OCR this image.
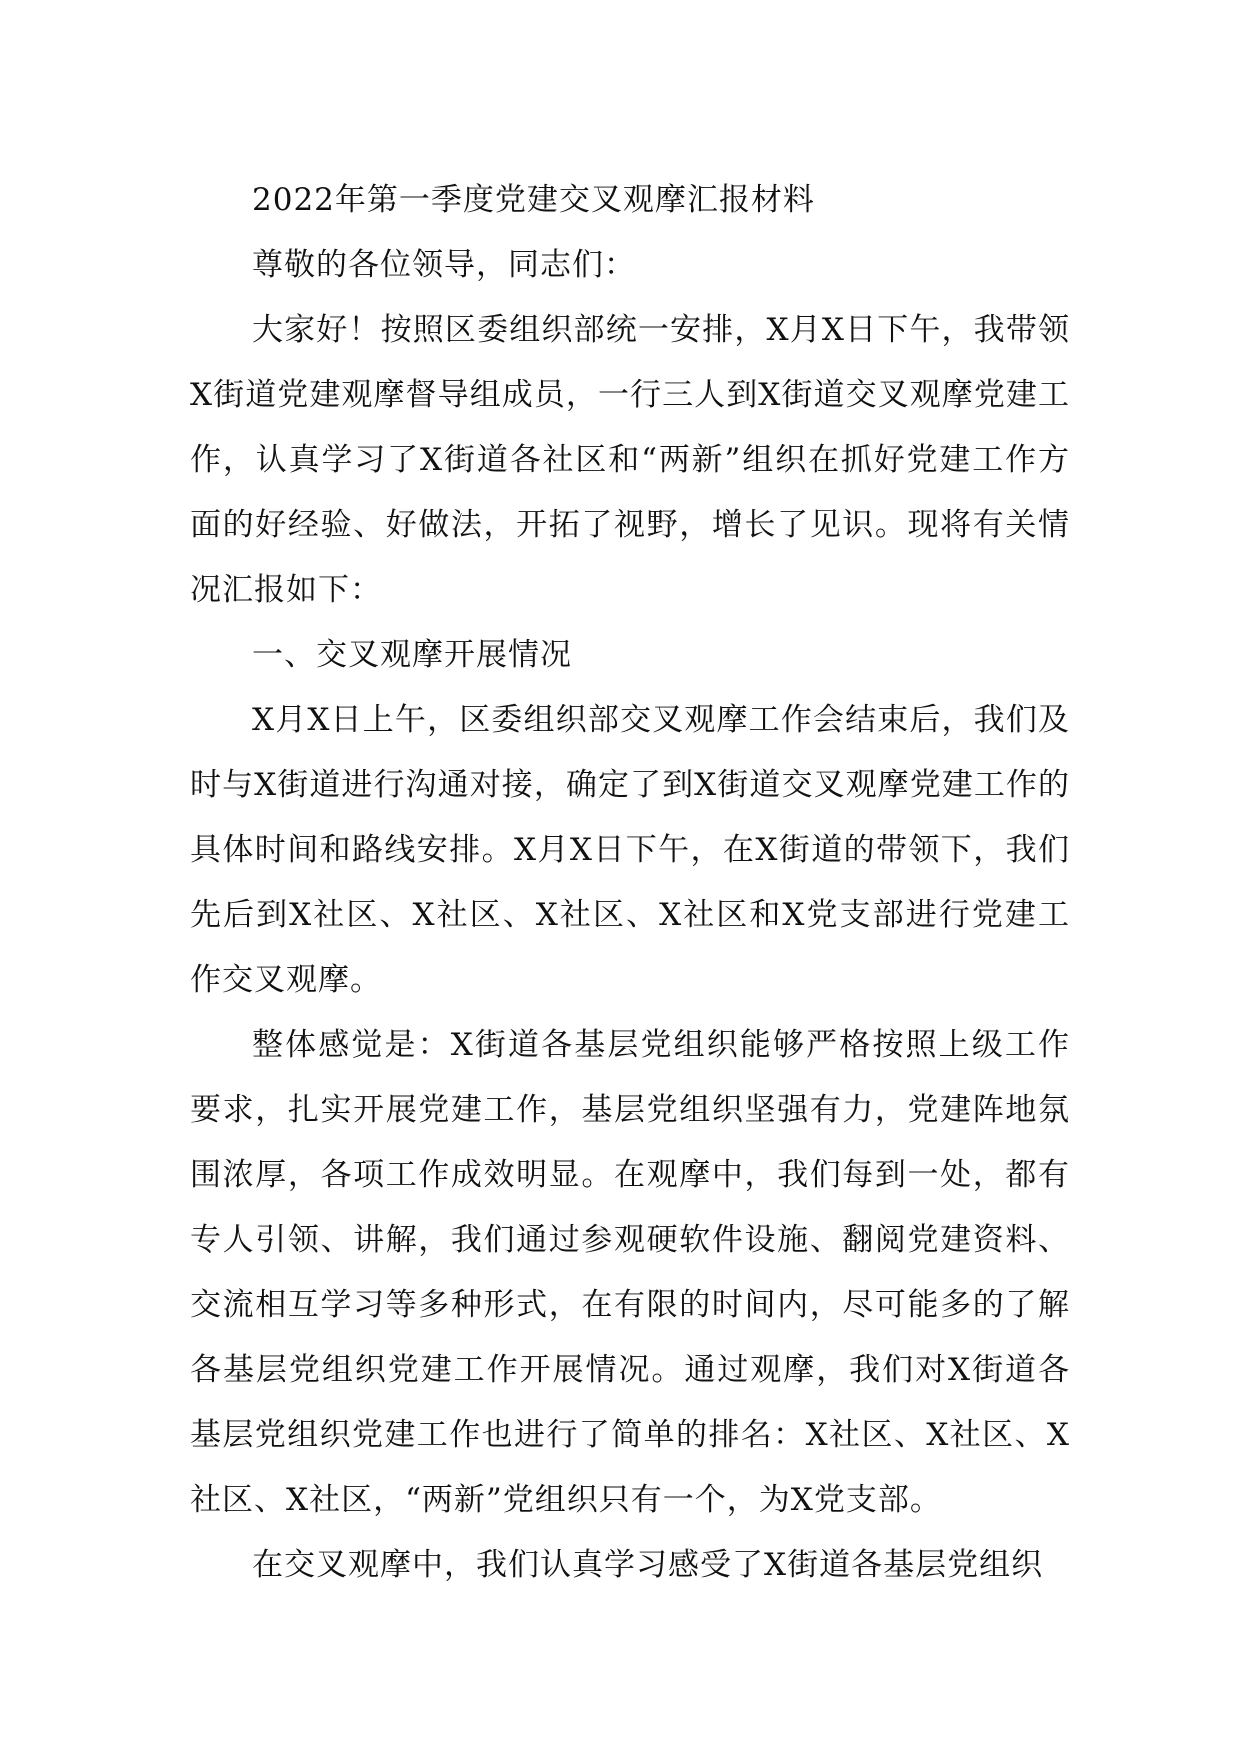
2022年第一季度党建交叉观摩汇报材料

尊敬的各位领导，同志们：

大家好！按照区委组织部统一安排，X月X日下午，我带领X街道党建观摩督导组成员，一行三人到X街道交叉观摩党建工作，认真学习了X街道各社区和“两新”组织在抓好党建工作方面的好经验、好做法，开拓了视野，增长了见识。现将有关情况汇报如下：

一、交叉观摩开展情况

X月X日上午，区委组织部交叉观摩工作会结束后，我们及时与X街道进行沟通对接，确定了到X街道交叉观摩党建工作的具体时间和路线安排。X月X日下午，在X街道的带领下，我们先后到X社区、X社区、X社区、X社区和X党支部进行党建工作交叉观摩。

整体感觉是：X街道各基层党组织能够严格按照上级工作要求，扎实开展党建工作，基层党组织坚强有力，党建阵地氛围浓厚，各项工作成效明显。在观摩中，我们每到一处，都有专人引领、讲解，我们通过参观硬软件设施、翻阅党建资料、交流相互学习等多种形式，在有限的时间内，尽可能多的了解各基层党组织党建工作开展情况。通过观摩，我们对X街道各基层党组织党建工作也进行了简单的排名：X社区、X社区、X社区、X社区，“两新”党组织只有一个，为X党支部。

在交叉观摩中，我们认真学习感受了X街道各基层党组织
